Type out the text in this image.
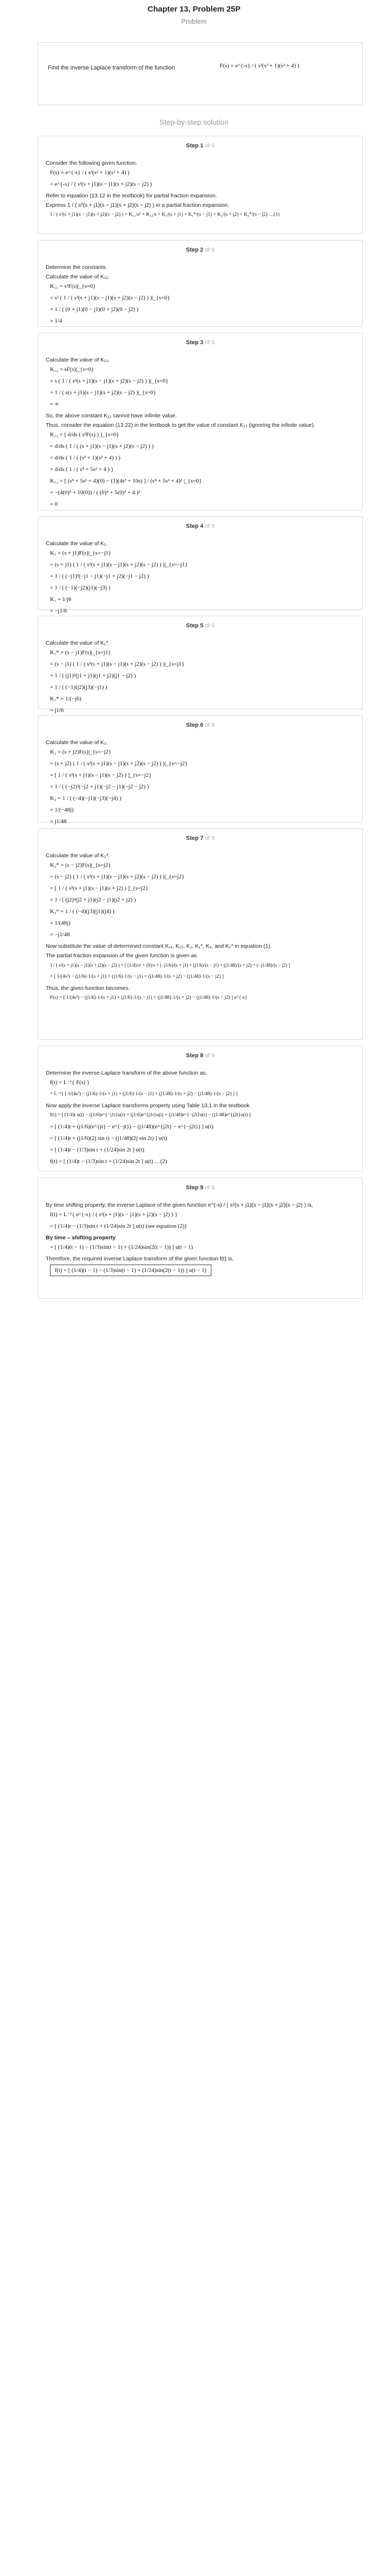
Chapter 13, Problem 25P
Problem
Find the inverse Laplace transform of the function	F(s) = e^{-s} / ( s²(s² + 1)(s² + 4) )
Step-by-step solution
Step 1 of 9
Consider the following given function.
F(s) = e^{-s} / ( s²(s² + 1)(s² + 4) )
= e^{-s} / ( s²(s + j1)(s − j1)(s + j2)(s − j2) )
Refer to equation (13.12 in the textbook) for partial fraction expansion.
Express 1 / ( s²(s + j1)(s − j1)(s + j2)(s − j2) ) in a partial fraction expansion.
1 / ( s²(s + j1)(s − j1)(s + j2)(s − j2) ) = K₁₁/s² + K₁₂/s + K₁/(s + j1) + K₁*/(s − j1) + K₂/(s + j2) + K₂*/(s − j2) …(1)
Step 2 of 9
Determine the constants.
Calculate the value of K₁₁.
K₁₁ = s²F(s)|_{s=0}
= s² ( 1 / ( s²(s + j1)(s − j1)(s + j2)(s − j2) ) )|_{s=0}
= 1 / ( (0 + j1)(0 − j1)(0 + j2)(0 − j2) )
= 1/4
Step 3 of 9
Calculate the value of K₁₂.
K₁₂ = sF(s)|_{s=0}
= s ( 1 / ( s²(s + j1)(s − j1)(s + j2)(s − j2) ) )|_{s=0}
= 1 / ( s(s + j1)(s − j1)(s + j2)(s − j2) )|_{s=0}
= ∞
So, the above constant K₁₂ cannot have infinite value.
Thus, consider the equation (13.22) in the textbook to get the value of constant K₁₂ (ignoring the infinite value).
K₁₂ = [ d/ds ( s²F(s) ) ]_{s=0}
= d/ds ( 1 / ( (s + j1)(s − j1)(s + j2)(s − j2) ) )
= d/ds ( 1 / ( (s² + 1)(s² + 4) ) )
= d/ds ( 1 / ( s⁴ + 5s² + 4 ) )
K₁₂ = [ (s⁴ + 5s² + 4)(0) − (1)(4s³ + 10s) ] / (s⁴ + 5s² + 4)² |_{s=0}
= −(4(0)³ + 10(0)) / ( (0)⁴ + 5(0)² + 4 )²
= 0
Step 4 of 9
Calculate the value of K₁.
K₁ = (s + j1)F(s)|_{s=−j1}
= (s + j1) ( 1 / ( s²(s + j1)(s − j1)(s + j2)(s − j2) ) )|_{s=−j1}
= 1 / ( (−j1)²(−j1 − j1)(−j1 + j2)(−j1 − j2) )
= 1 / ( (−1)(−j2)(j1)(−j3) )
K₁ = 1/j6
= −j1/6
Step 5 of 9
Calculate the value of K₁*.
K₁* = (s − j1)F(s)|_{s=j1}
= (s − j1) ( 1 / ( s²(s + j1)(s − j1)(s + j2)(s − j2) ) )|_{s=j1}
= 1 / ( (j1)²(j1 + j1)(j1 + j2)(j1 − j2) )
= 1 / ( (−1)(j2)(j3)(−j1) )
K₁* = 1/(−j6)
= j1/6
Step 6 of 9
Calculate the value of K₂.
K₂ = (s + j2)F(s)|_{s=−j2}
= (s + j2) ( 1 / ( s²(s + j1)(s − j1)(s + j2)(s − j2) ) )|_{s=−j2}
= [ 1 / ( s²(s + j1)(s − j1)(s − j2) ) ]_{s=−j2}
= 1 / ( (−j2)²(−j2 + j1)(−j2 − j1)(−j2 − j2) )
K₂ = 1 / ( (−4)(−j1)(−j3)(−j4) )
= 1/(−48j)
= j1/48
Step 7 of 9
Calculate the value of K₂*.
K₂* = (s − j2)F(s)|_{s=j2}
= (s − j2) ( 1 / ( s²(s + j1)(s − j1)(s + j2)(s − j2) ) )|_{s=j2}
= [ 1 / ( s²(s + j1)(s − j1)(s + j2) ) ]_{s=j2}
= 1 / ( (j2)²(j2 + j1)(j2 − j1)(j2 + j2) )
K₂* = 1 / ( (−4)(j3)(j1)(j4) )
= 1/(48j)
= −j1/48
Now substitute the value of determined constant K₁₁, K₁₂, K₁, K₁*, K₂, and K₂* in equation (1).
The partial fraction expansion of the given function is given as.
1 / ( s²(s + j1)(s − j1)(s + j2)(s − j2) ) = [ (1/4)/s² + (0)/s + (−j1/6)/(s + j1) + (j1/6)/(s − j1) + (j1/48)/(s + j2) + (−j1/48)/(s − j2) ]
= [ 1/(4s²) − (j1/6)·1/(s + j1) + (j1/6)·1/(s − j1) + (j1/48)·1/(s + j2) − (j1/48)·1/(s − j2) ]
Thus, the given function becomes.
F(s) = [ 1/(4s²) − (j1/6)·1/(s + j1) + (j1/6)·1/(s − j1) + (j1/48)·1/(s + j2) − (j1/48)·1/(s − j2) ] e^{-s}
Step 8 of 9
Determine the inverse Laplace transform of the above function as.
f(t) = L⁻¹{ F(s) }
= L⁻¹{ [ 1/(4s²) − (j1/6)·1/(s + j1) + (j1/6)·1/(s − j1) + (j1/48)·1/(s + j2) − (j1/48)·1/(s − j2) ] }
Now apply the inverse Laplace transforms property using Table 13.1 in the textbook.
f(t) = [ (1/4)t u(t) − (j1/6)e^{−j1t}u(t) + (j1/6)e^{j1t}u(t) + (j1/48)e^{−j2t}u(t) − (j1/48)e^{j2t}u(t) ]
= [ (1/4)t + (j1/6)(e^{jt} − e^{−jt}) − (j1/48)(e^{j2t} − e^{−j2t}) ] u(t)
= [ (1/4)t + (j1/6)(2j sin t) − (j1/48)(2j sin 2t) ] u(t)
= [ (1/4)t − (1/3)sin t + (1/24)sin 2t ] u(t)
f(t) = [ (1/4)t − (1/3)sin t + (1/24)sin 2t ] u(t) …(2)
Step 9 of 9
By time shifting property, the inverse Laplace of the given function e^{-s} / ( s²(s + j1)(s − j1)(s + j2)(s − j2) ) is,
f(t) = L⁻¹{ e^{-s} / ( s²(s + j1)(s − j1)(s + j2)(s − j2) ) }
= [ (1/4)t − (1/3)sin t + (1/24)sin 2t ] u(t) (see equation (2))
By time – shifting property
= [ (1/4)(t − 1) − (1/3)sin(t − 1) + (1/24)sin(2(t − 1)) ] u(t − 1)
Therefore, the required inverse Laplace transform of the given function f(t) is,
f(t) = [ (1/4)(t − 1) − (1/3)sin(t − 1) + (1/24)sin(2(t − 1)) ] u(t − 1)
